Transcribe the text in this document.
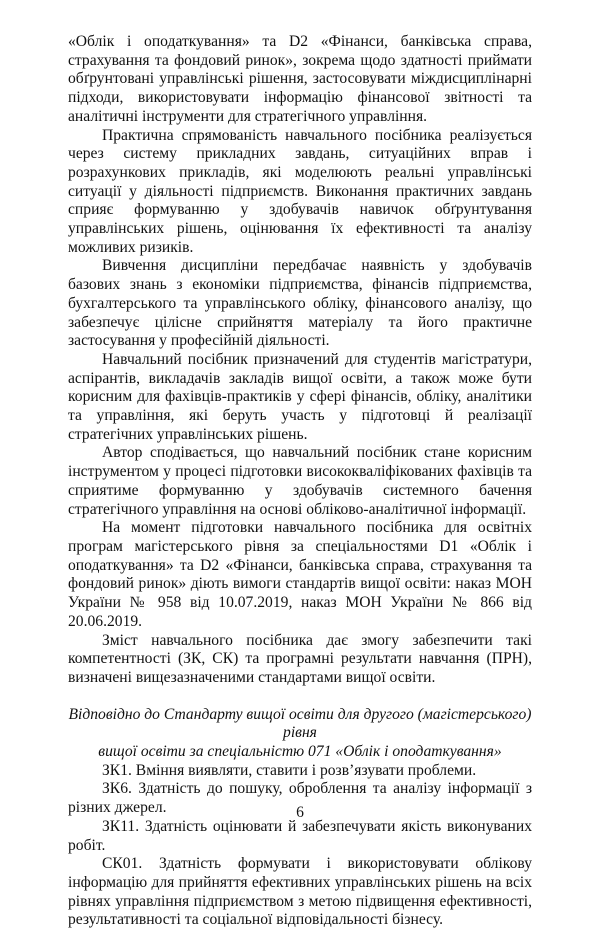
«Облік і оподаткування» та D2 «Фінанси, банківська справа, страхування та фондовий ринок», зокрема щодо здатності приймати обґрунтовані управлінські рішення, застосовувати міждисциплінарні підходи, використовувати інформацію фінансової звітності та аналітичні інструменти для стратегічного управління.

Практична спрямованість навчального посібника реалізується через систему прикладних завдань, ситуаційних вправ і розрахункових прикладів, які моделюють реальні управлінські ситуації у діяльності підприємств. Виконання практичних завдань сприяє формуванню у здобувачів навичок обґрунтування управлінських рішень, оцінювання їх ефективності та аналізу можливих ризиків.

Вивчення дисципліни передбачає наявність у здобувачів базових знань з економіки підприємства, фінансів підприємства, бухгалтерського та управлінського обліку, фінансового аналізу, що забезпечує цілісне сприйняття матеріалу та його практичне застосування у професійній діяльності.

Навчальний посібник призначений для студентів магістратури, аспірантів, викладачів закладів вищої освіти, а також може бути корисним для фахівців-практиків у сфері фінансів, обліку, аналітики та управління, які беруть участь у підготовці й реалізації стратегічних управлінських рішень.

Автор сподівається, що навчальний посібник стане корисним інструментом у процесі підготовки висококваліфікованих фахівців та сприятиме формуванню у здобувачів системного бачення стратегічного управління на основі обліково-аналітичної інформації.

На момент підготовки навчального посібника для освітніх програм магістерського рівня за спеціальностями D1 «Облік і оподаткування» та D2 «Фінанси, банківська справа, страхування та фондовий ринок» діють вимоги стандартів вищої освіти: наказ МОН України № 958 від 10.07.2019, наказ МОН України № 866 від 20.06.2019.

Зміст навчального посібника дає змогу забезпечити такі компетентності (ЗК, СК) та програмні результати навчання (ПРН), визначені вищезазначеними стандартами вищої освіти.

Відповідно до Стандарту вищої освіти для другого (магістерського) рівня

вищої освіти за спеціальністю 071 «Облік і оподаткування»

ЗК1. Вміння виявляти, ставити і розв’язувати проблеми.

ЗК6. Здатність до пошуку, оброблення та аналізу інформації з різних джерел.

ЗК11. Здатність оцінювати й забезпечувати якість виконуваних робіт.

СК01. Здатність формувати і використовувати облікову інформацію для прийняття ефективних управлінських рішень на всіх рівнях управління підприємством з метою підвищення ефективності, результативності та соціальної відповідальності бізнесу.

6
